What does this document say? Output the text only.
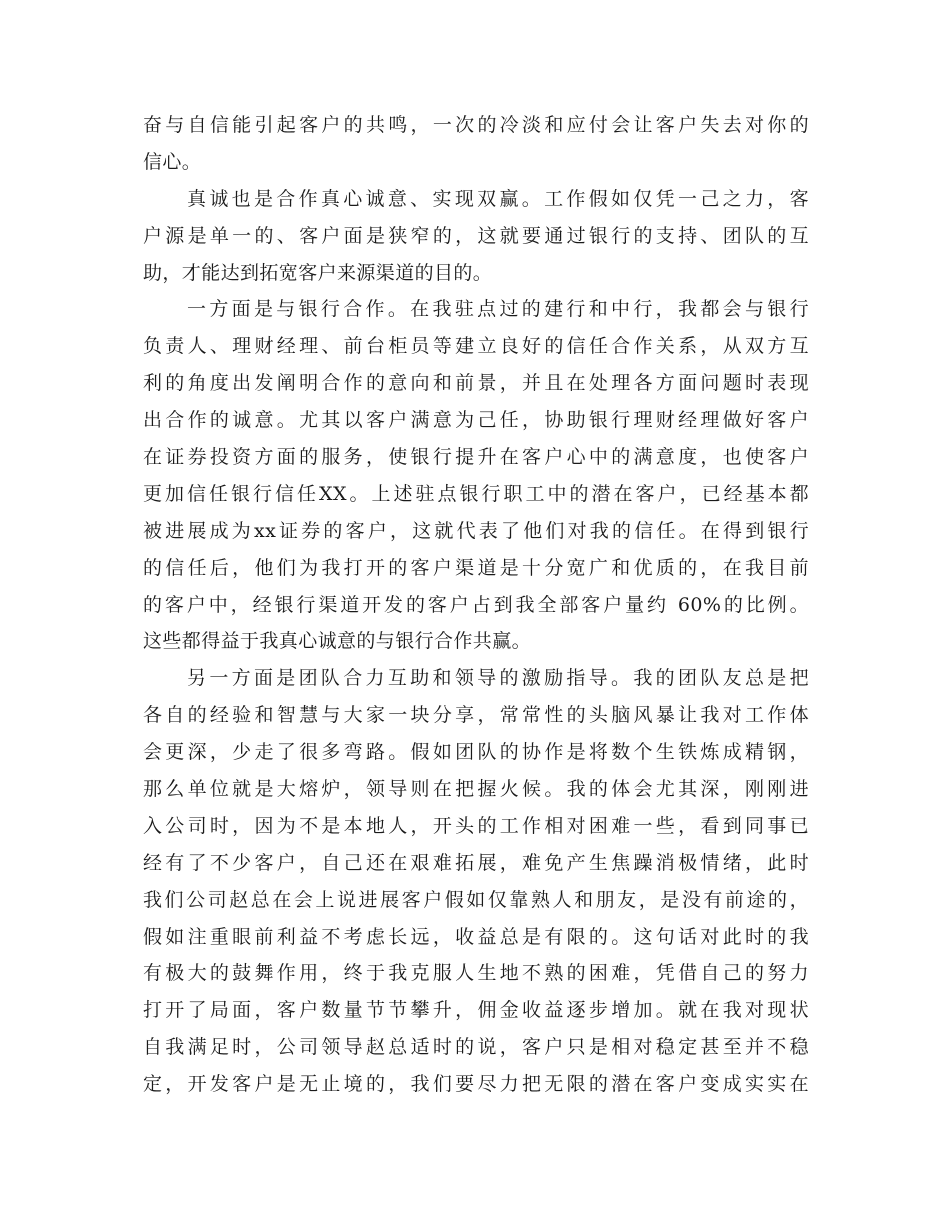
奋与自信能引起客户的共鸣，一次的冷淡和应付会让客户失去对你的
信心。
真诚也是合作真心诚意、实现双赢。工作假如仅凭一己之力，客
户源是单一的、客户面是狭窄的，这就要通过银行的支持、团队的互
助，才能达到拓宽客户来源渠道的目的。
一方面是与银行合作。在我驻点过的建行和中行，我都会与银行
负责人、理财经理、前台柜员等建立良好的信任合作关系，从双方互
利的角度出发阐明合作的意向和前景，并且在处理各方面问题时表现
出合作的诚意。尤其以客户满意为己任，协助银行理财经理做好客户
在证券投资方面的服务，使银行提升在客户心中的满意度，也使客户
更加信任银行信任XX。上述驻点银行职工中的潜在客户，已经基本都
被进展成为xx证券的客户，这就代表了他们对我的信任。在得到银行
的信任后，他们为我打开的客户渠道是十分宽广和优质的，在我目前
的客户中，经银行渠道开发的客户占到我全部客户量约 60%的比例。
这些都得益于我真心诚意的与银行合作共赢。
另一方面是团队合力互助和领导的激励指导。我的团队友总是把
各自的经验和智慧与大家一块分享，常常性的头脑风暴让我对工作体
会更深，少走了很多弯路。假如团队的协作是将数个生铁炼成精钢，
那么单位就是大熔炉，领导则在把握火候。我的体会尤其深，刚刚进
入公司时，因为不是本地人，开头的工作相对困难一些，看到同事已
经有了不少客户，自己还在艰难拓展，难免产生焦躁消极情绪，此时
我们公司赵总在会上说进展客户假如仅靠熟人和朋友，是没有前途的，
假如注重眼前利益不考虑长远，收益总是有限的。这句话对此时的我
有极大的鼓舞作用，终于我克服人生地不熟的困难，凭借自己的努力
打开了局面，客户数量节节攀升，佣金收益逐步增加。就在我对现状
自我满足时，公司领导赵总适时的说，客户只是相对稳定甚至并不稳
定，开发客户是无止境的，我们要尽力把无限的潜在客户变成实实在
